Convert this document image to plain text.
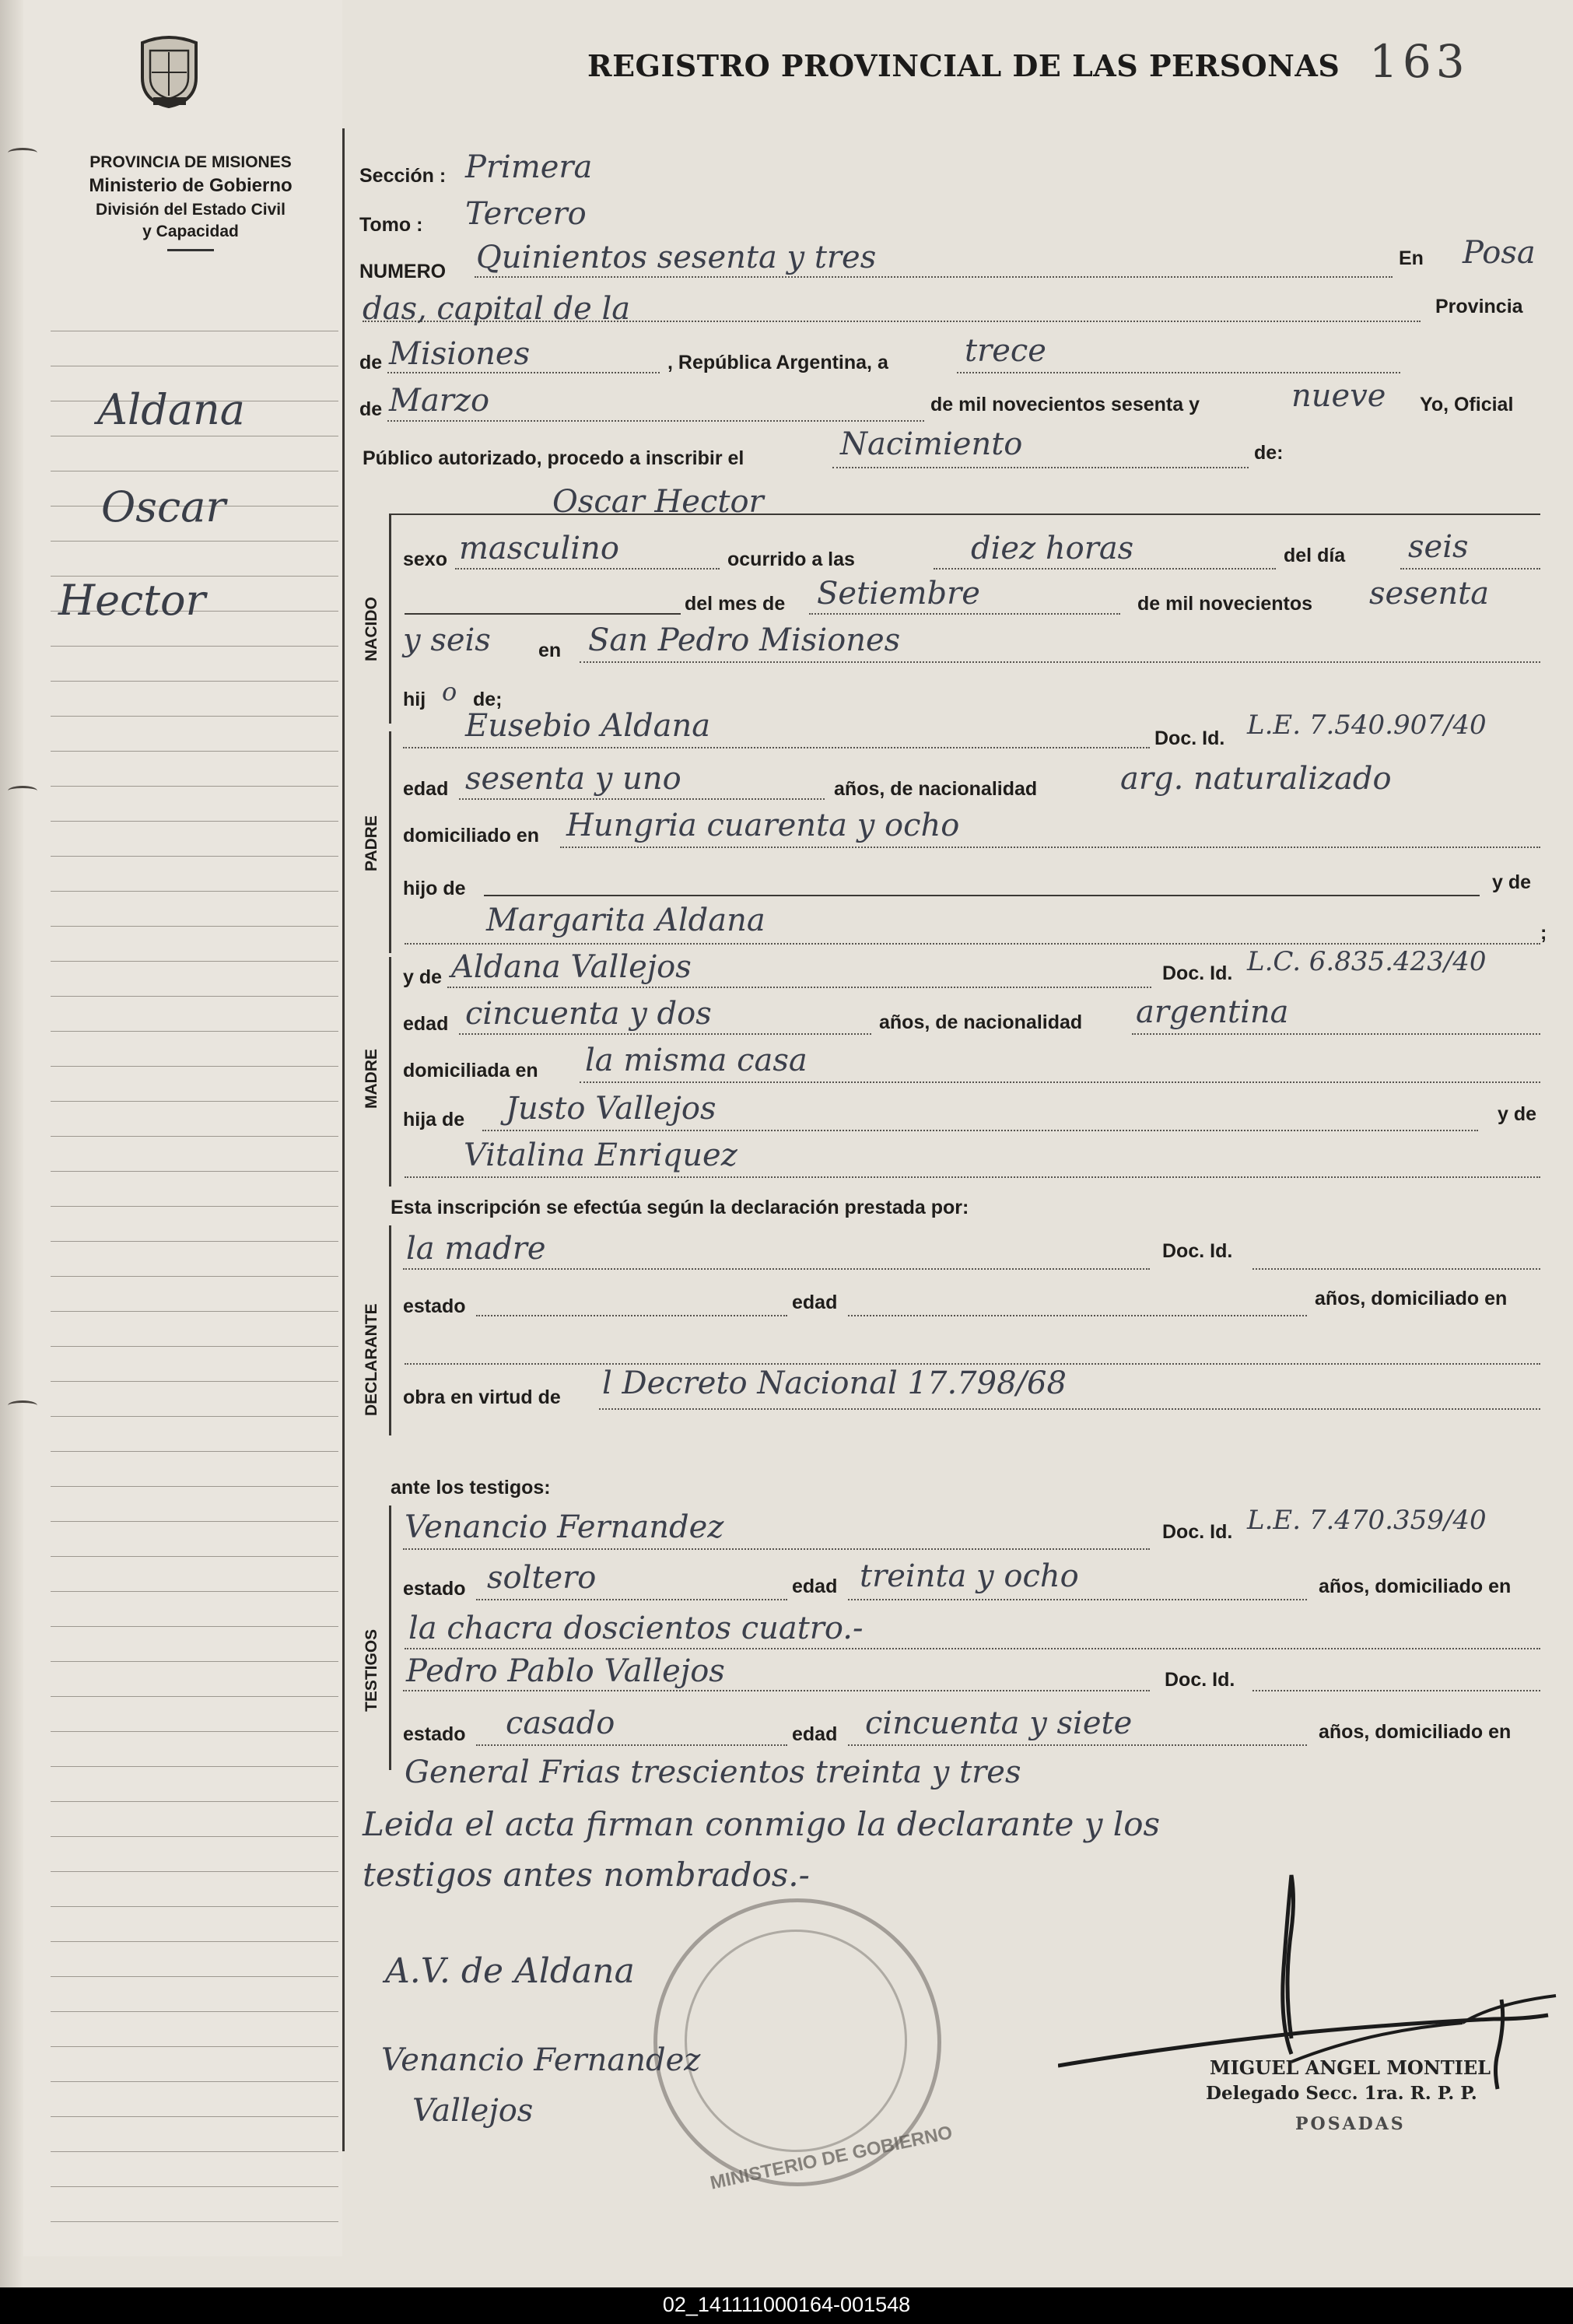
PROVINCIA DE MISIONES
Ministerio de Gobierno
División del Estado Civil
y Capacidad
Aldana
Oscar
Hector
REGISTRO PROVINCIAL DE LAS PERSONAS 163
Sección : Primera
Tomo : Tercero
NUMERO Quinientos sesenta y tres	En Posa
das, capital de la	Provincia
de Misiones	, República Argentina, a trece
de Marzo	de mil novecientos sesenta y	nueve Yo, Oficial
Público autorizado, procedo a inscribir el	Nacimiento	de:
Oscar Hector
NACIDO
sexo masculino	ocurrido a las	diez horas	del día seis
del mes de Setiembre	de mil novecientos sesenta
y seis en San Pedro Misiones
hij o de;
PADRE
Eusebio Aldana	Doc. Id. L.E. 7.540.907/40
edad sesenta y uno	años, de nacionalidad	arg. naturalizado
domiciliado en Hungria cuarenta y ocho
hijo de	y de
Margarita Aldana	;
MADRE
y de Aldana Vallejos	Doc. Id. L.C. 6.835.423/40
edad cincuenta y dos	años, de nacionalidad argentina
domiciliada en la misma casa
hija de Justo Vallejos	y de
Vitalina Enriquez
Esta inscripción se efectúa según la declaración prestada por:
DECLARANTE
la madre	Doc. Id.
estado	edad	años, domiciliado en
obra en virtud de l Decreto Nacional 17.798/68
ante los testigos:
TESTIGOS
Venancio Fernandez	Doc. Id. L.E. 7.470.359/40
estado soltero	edad treinta y ocho	años, domiciliado en
la chacra doscientos cuatro.-
Pedro Pablo Vallejos	Doc. Id.
estado casado	edad cincuenta y siete	años, domiciliado en
General Frias trescientos treinta y tres
Leida el acta firman conmigo la declarante y los
testigos antes nombrados.-
MINISTERIO DE GOBIERNO
A.V. de Aldana
Venancio Fernandez
Vallejos
MIGUEL ANGEL MONTIEL
Delegado Secc. 1ra. R. P. P.
POSADAS
02_141111000164-001548
